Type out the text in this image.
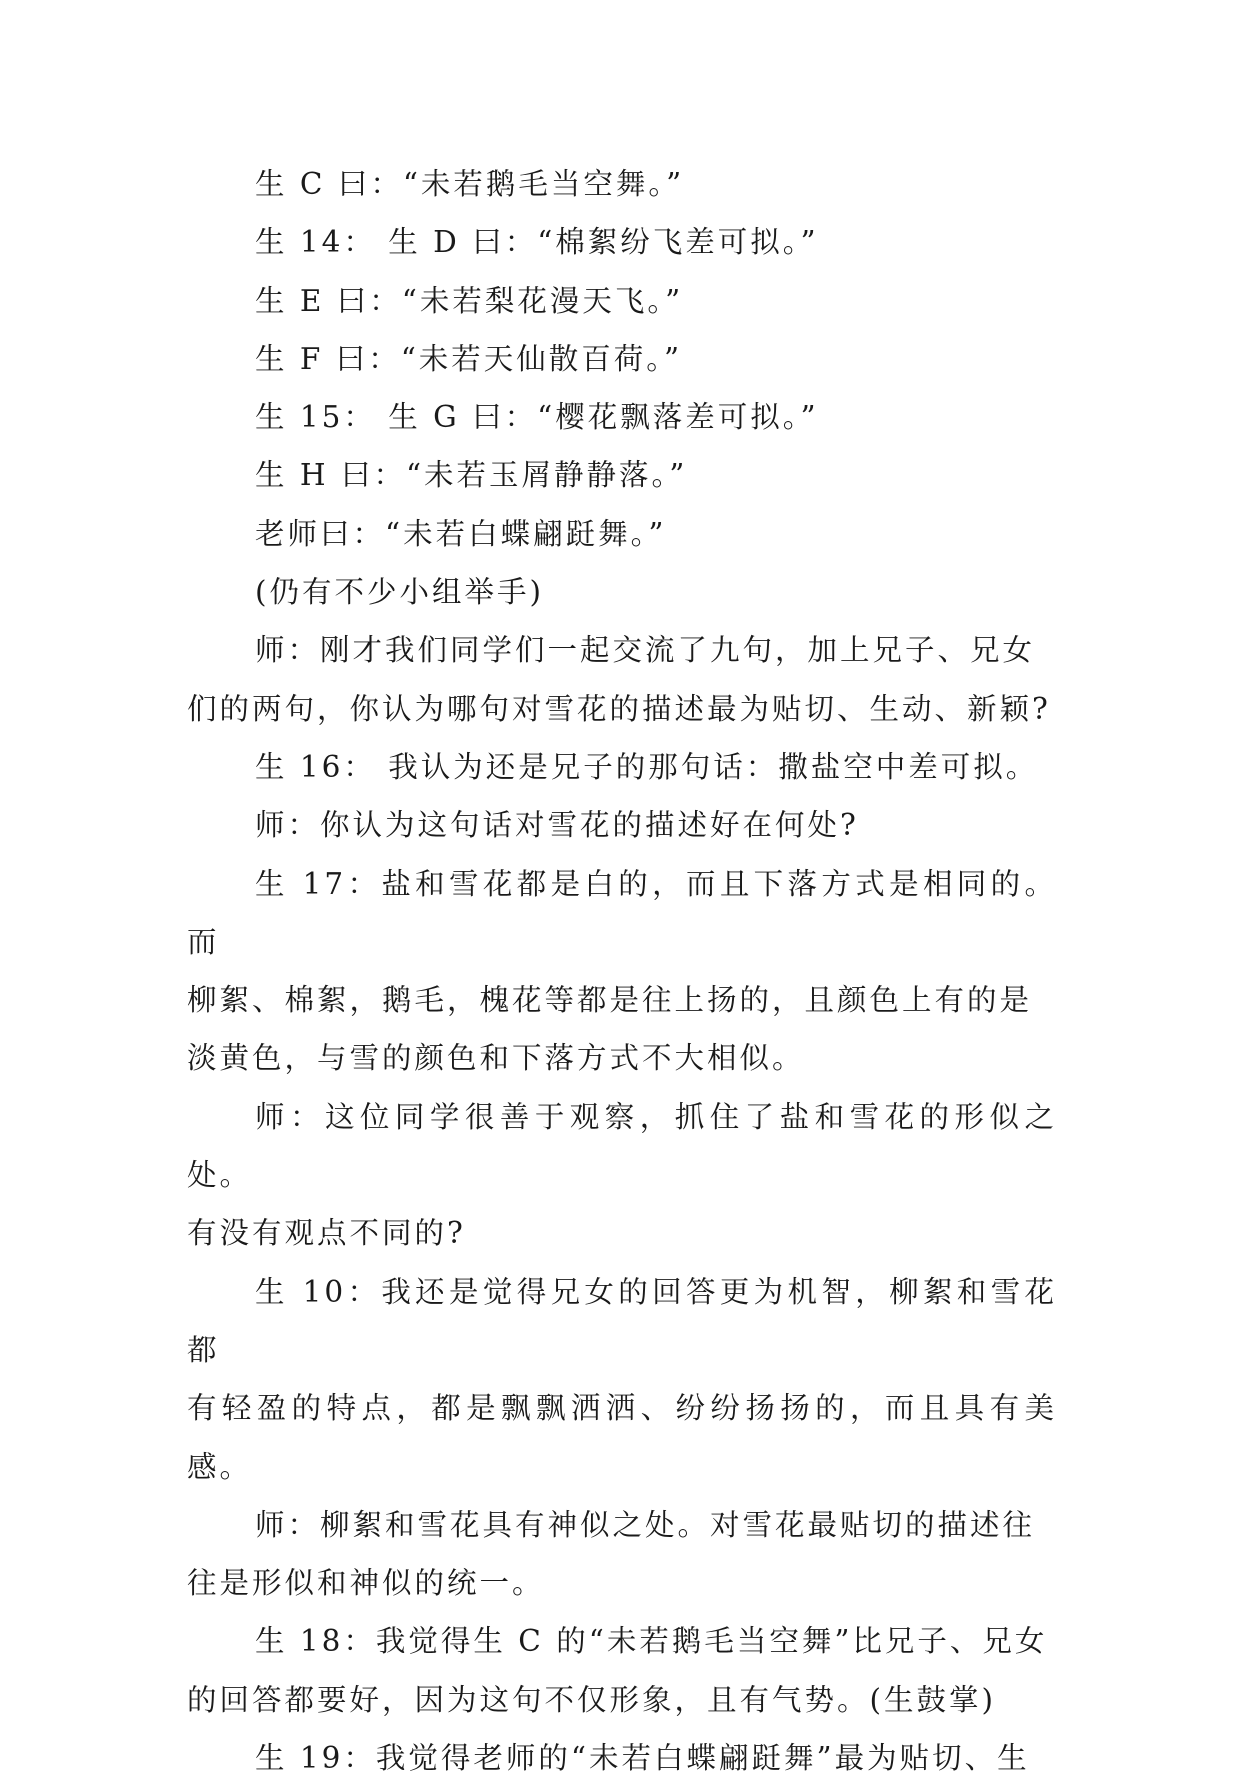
生 C 曰：“未若鹅毛当空舞。”
生 14： 生 D 曰：“棉絮纷飞差可拟。”
生 E 曰：“未若梨花漫天飞。”
生 F 曰：“未若天仙散百荷。”
生 15： 生 G 曰：“樱花飘落差可拟。”
生 H 曰：“未若玉屑静静落。”
老师曰：“未若白蝶翩跹舞。”
(仍有不少小组举手)
师：刚才我们同学们一起交流了九句，加上兄子、兄女
们的两句，你认为哪句对雪花的描述最为贴切、生动、新颖?
生 16： 我认为还是兄子的那句话：撒盐空中差可拟。
师：你认为这句话对雪花的描述好在何处?
生 17：盐和雪花都是白的，而且下落方式是相同的。而
柳絮、棉絮，鹅毛，槐花等都是往上扬的，且颜色上有的是
淡黄色，与雪的颜色和下落方式不大相似。
师：这位同学很善于观察，抓住了盐和雪花的形似之处。
有没有观点不同的?
生 10：我还是觉得兄女的回答更为机智，柳絮和雪花都
有轻盈的特点，都是飘飘洒洒、纷纷扬扬的，而且具有美感。
师：柳絮和雪花具有神似之处。对雪花最贴切的描述往
往是形似和神似的统一。
生 18：我觉得生 C 的“未若鹅毛当空舞”比兄子、兄女
的回答都要好，因为这句不仅形象，且有气势。(生鼓掌)
生 19：我觉得老师的“未若白蝶翩跹舞”最为贴切、生
